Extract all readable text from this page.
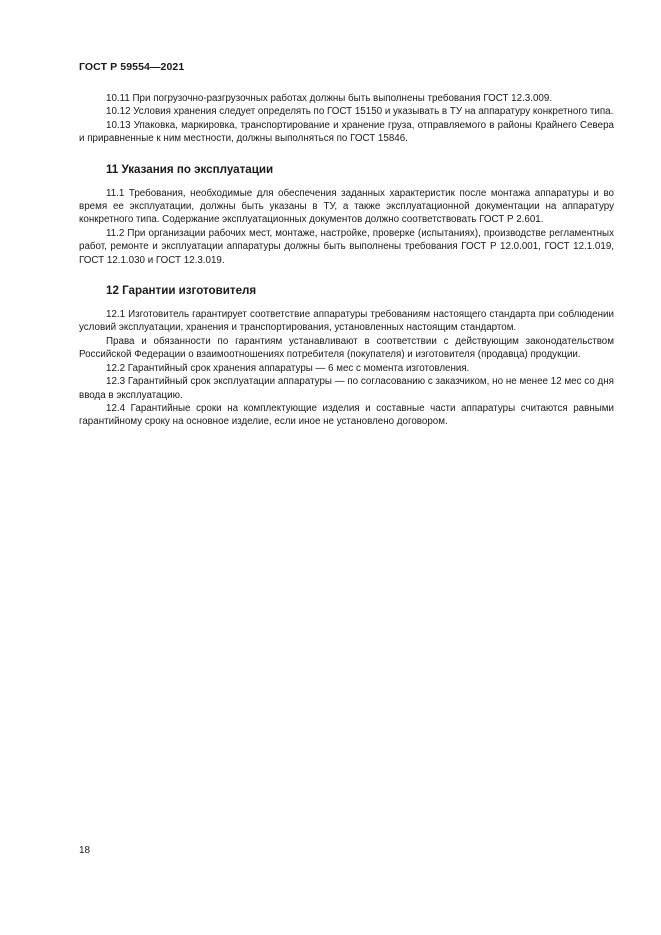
ГОСТ Р 59554—2021

10.11 При погрузочно-разгрузочных работах должны быть выполнены требования ГОСТ 12.3.009.

10.12 Условия хранения следует определять по ГОСТ 15150 и указывать в ТУ на аппаратуру конкретного типа.

10.13 Упаковка, маркировка, транспортирование и хранение груза, отправляемого в районы Крайнего Севера и приравненные к ним местности, должны выполняться по ГОСТ 15846.

11 Указания по эксплуатации

11.1 Требования, необходимые для обеспечения заданных характеристик после монтажа аппаратуры и во время ее эксплуатации, должны быть указаны в ТУ, а также эксплуатационной документации на аппаратуру конкретного типа. Содержание эксплуатационных документов должно соответствовать ГОСТ Р 2.601.

11.2 При организации рабочих мест, монтаже, настройке, проверке (испытаниях), производстве регламентных работ, ремонте и эксплуатации аппаратуры должны быть выполнены требования ГОСТ Р 12.0.001, ГОСТ 12.1.019, ГОСТ 12.1.030 и ГОСТ 12.3.019.

12 Гарантии изготовителя

12.1 Изготовитель гарантирует соответствие аппаратуры требованиям настоящего стандарта при соблюдении условий эксплуатации, хранения и транспортирования, установленных настоящим стандартом.

Права и обязанности по гарантиям устанавливают в соответствии с действующим законодательством Российской Федерации о взаимоотношениях потребителя (покупателя) и изготовителя (продавца) продукции.

12.2 Гарантийный срок хранения аппаратуры — 6 мес с момента изготовления.

12.3 Гарантийный срок эксплуатации аппаратуры — по согласованию с заказчиком, но не менее 12 мес со дня ввода в эксплуатацию.

12.4 Гарантийные сроки на комплектующие изделия и составные части аппаратуры считаются равными гарантийному сроку на основное изделие, если иное не установлено договором.

18
